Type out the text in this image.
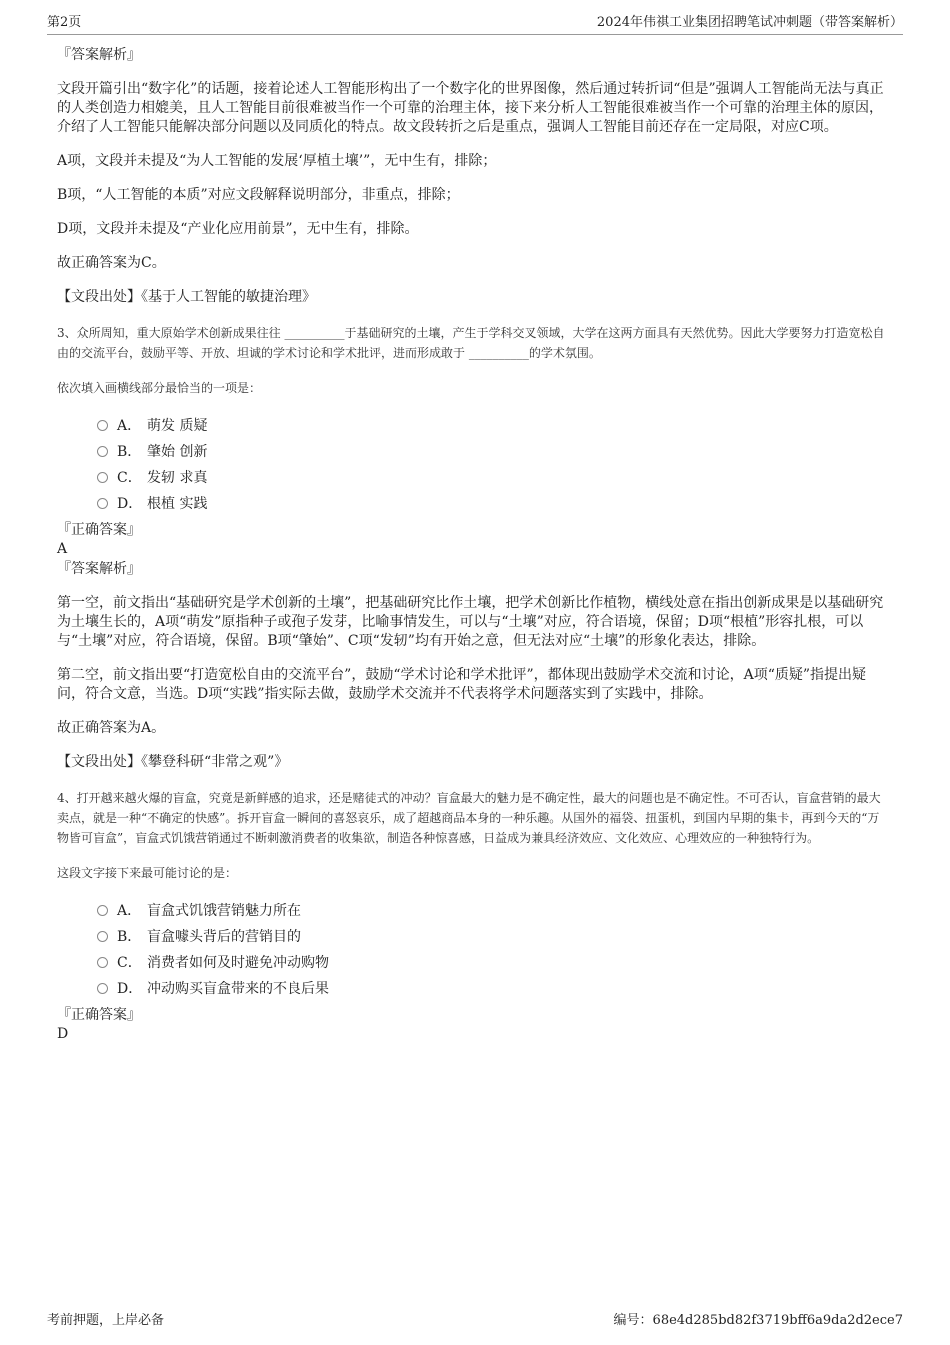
第2页	2024年伟祺工业集团招聘笔试冲刺题（带答案解析）

『答案解析』

文段开篇引出“数字化”的话题，接着论述人工智能形构出了一个数字化的世界图像，然后通过转折词“但是”强调人工智能尚无法与真正的人类创造力相媲美，且人工智能目前很难被当作一个可靠的治理主体，接下来分析人工智能很难被当作一个可靠的治理主体的原因，介绍了人工智能只能解决部分问题以及同质化的特点。故文段转折之后是重点，强调人工智能目前还存在一定局限，对应C项。

A项，文段并未提及“为人工智能的发展‘厚植土壤’”，无中生有，排除；

B项，“人工智能的本质”对应文段解释说明部分，非重点，排除；

D项，文段并未提及“产业化应用前景”，无中生有，排除。

故正确答案为C。

【文段出处】《基于人工智能的敏捷治理》

3、众所周知，重大原始学术创新成果往往 __________于基础研究的土壤，产生于学科交叉领域，大学在这两方面具有天然优势。因此大学要努力打造宽松自由的交流平台，鼓励平等、开放、坦诚的学术讨论和学术批评，进而形成敢于 __________的学术氛围。

依次填入画横线部分最恰当的一项是：

A． 萌发 质疑
B． 肇始 创新
C． 发轫 求真
D． 根植 实践

『正确答案』

A

『答案解析』

第一空，前文指出“基础研究是学术创新的土壤”，把基础研究比作土壤，把学术创新比作植物，横线处意在指出创新成果是以基础研究为土壤生长的，A项“萌发”原指种子或孢子发芽，比喻事情发生，可以与“土壤”对应，符合语境，保留；D项“根植”形容扎根，可以与“土壤”对应，符合语境，保留。B项“肇始”、C项“发轫”均有开始之意，但无法对应“土壤”的形象化表达，排除。

第二空，前文指出要“打造宽松自由的交流平台”，鼓励“学术讨论和学术批评”，都体现出鼓励学术交流和讨论，A项“质疑”指提出疑问，符合文意，当选。D项“实践”指实际去做，鼓励学术交流并不代表将学术问题落实到了实践中，排除。

故正确答案为A。

【文段出处】《攀登科研“非常之观”》

4、打开越来越火爆的盲盒，究竟是新鲜感的追求，还是赌徒式的冲动？盲盒最大的魅力是不确定性，最大的问题也是不确定性。不可否认，盲盒营销的最大卖点，就是一种“不确定的快感”。拆开盲盒一瞬间的喜怒哀乐，成了超越商品本身的一种乐趣。从国外的福袋、扭蛋机，到国内早期的集卡，再到今天的“万物皆可盲盒”，盲盒式饥饿营销通过不断刺激消费者的收集欲，制造各种惊喜感，日益成为兼具经济效应、文化效应、心理效应的一种独特行为。

这段文字接下来最可能讨论的是：

A． 盲盒式饥饿营销魅力所在
B． 盲盒噱头背后的营销目的
C． 消费者如何及时避免冲动购物
D． 冲动购买盲盒带来的不良后果

『正确答案』

D

考前押题，上岸必备	编号：68e4d285bd82f3719bff6a9da2d2ece7
